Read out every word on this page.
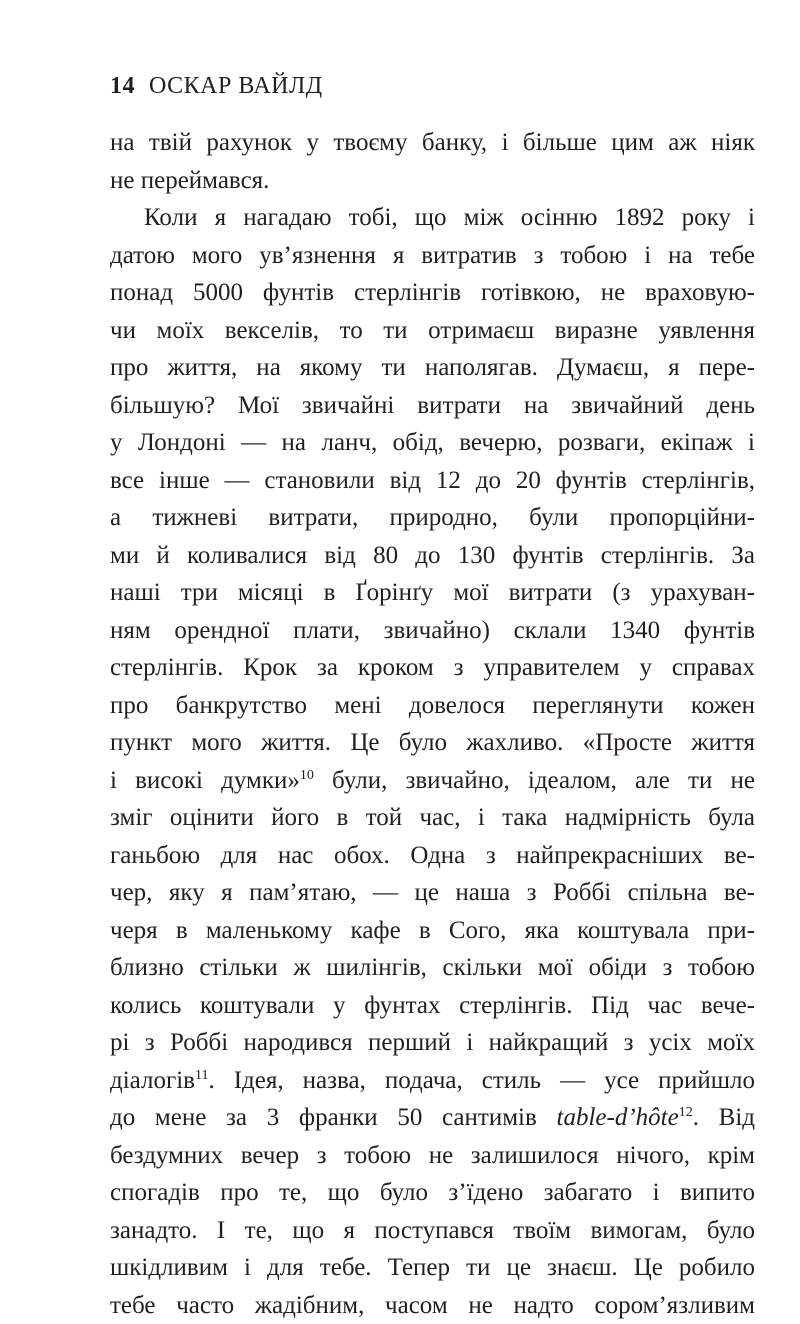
14 ОСКАР ВАЙЛД
на твій рахунок у твоєму банку, і більше цим аж ніяк
не переймався.
Коли я нагадаю тобі, що між осінню 1892 року і
датою мого ув’язнення я витратив з тобою і на тебе
понад 5000 фунтів стерлінгів готівкою, не враховую-
чи моїх векселів, то ти отримаєш виразне уявлення
про життя, на якому ти наполягав. Думаєш, я пере-
більшую? Мої звичайні витрати на звичайний день
у Лондоні — на ланч, обід, вечерю, розваги, екіпаж і
все інше — становили від 12 до 20 фунтів стерлінгів,
а тижневі витрати, природно, були пропорційни-
ми й коливалися від 80 до 130 фунтів стерлінгів. За
наші три місяці в Ґорінґу мої витрати (з урахуван-
ням орендної плати, звичайно) склали 1340 фунтів
стерлінгів. Крок за кроком з управителем у справах
про банкрутство мені довелося переглянути кожен
пункт мого життя. Це було жахливо. «Просте життя
і високі думки»$^{10}$ були, звичайно, ідеалом, але ти не
зміг оцінити його в той час, і така надмірність була
ганьбою для нас обох. Одна з найпрекрасніших ве-
чер, яку я пам’ятаю, — це наша з Роббі спільна ве-
черя в маленькому кафе в Сого, яка коштувала при-
близно стільки ж шилінгів, скільки мої обіди з тобою
колись коштували у фунтах стерлінгів. Під час вече-
рі з Роббі народився перший і найкращий з усіх моїх
діалогів$^{11}$. Ідея, назва, подача, стиль — усе прийшло
до мене за 3 франки 50 сантимів table-d’hôte$^{12}$. Від
бездумних вечер з тобою не залишилося нічого, крім
спогадів про те, що було з’їдено забагато і випито
занадто. І те, що я поступався твоїм вимогам, було
шкідливим і для тебе. Тепер ти це знаєш. Це робило
тебе часто жадібним, часом не надто сором’язливим
